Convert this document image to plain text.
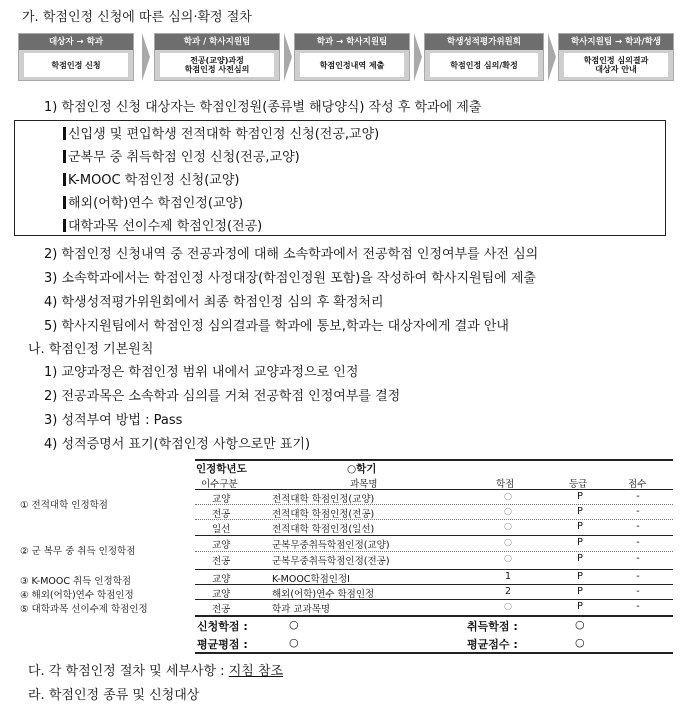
가. 학점인정 신청에 따른 심의·확정 절차
대상자 → 학과
학점인정 신청
학과 / 학사지원팀
전공(교양)과정
학점인정 사전심의
학과 → 학사지원팀
학점인정내역 제출
학생성적평가위원회
학점인정 심의/확정
학사지원팀 → 학과/학생
학점인정 심의결과
대상자 안내
1) 학점인정 신청 대상자는 학점인정원(종류별 해당양식) 작성 후 학과에 제출
신입생 및 편입학생 전적대학 학점인정 신청(전공,교양)
군복무 중 취득학점 인정 신청(전공,교양)
K-MOOC 학점인정 신청(교양)
해외(어학)연수 학점인정(교양)
대학과목 선이수제 학점인정(전공)
2) 학점인정 신청내역 중 전공과정에 대해 소속학과에서 전공학점 인정여부를 사전 심의
3) 소속학과에서는 학점인정 사정대장(학점인정원 포함)을 작성하여 학사지원팀에 제출
4) 학생성적평가위원회에서 최종 학점인정 심의 후 확정처리
5) 학사지원팀에서 학점인정 심의결과를 학과에 통보,학과는 대상자에게 결과 안내
나. 학점인정 기본원칙
1) 교양과정은 학점인정 범위 내에서 교양과정으로 인정
2) 전공과목은 소속학과 심의를 거쳐 전공학점 인정여부를 결정
3) 성적부여 방법 : Pass
4) 성적증명서 표기(학점인정 사항으로만 표기)
① 전적대학 인정학점
② 군 복무 중 취득 인정학점
③ K-MOOC 취득 인정학점
④ 해외(어학)연수 학점인정
⑤ 대학과목 선이수제 학점인정
인정학년도	○학기
이수구분	과목명	학점	등급	점수
교양	전적대학 학점인정(교양)	○	P	-
전공	전적대학 학점인정(전공)	○	P	-
일선	전적대학 학점인정(일선)	○	P	-
교양	군복무중취득학점인정(교양)	○	P	-
전공	군복무중취득학점인정(전공)	○	P	-
교양	K-MOOC학점인정Ⅰ	1	P	-
교양	해외(어학)연수 학점인정	2	P	-
전공	학과 교과목명	○	P	-
신청학점 :	○	취득학점 :	○
평균평점 :	○	평균점수 :	○
다. 각 학점인정 절차 및 세부사항 : 지침 참조
라. 학점인정 종류 및 신청대상
